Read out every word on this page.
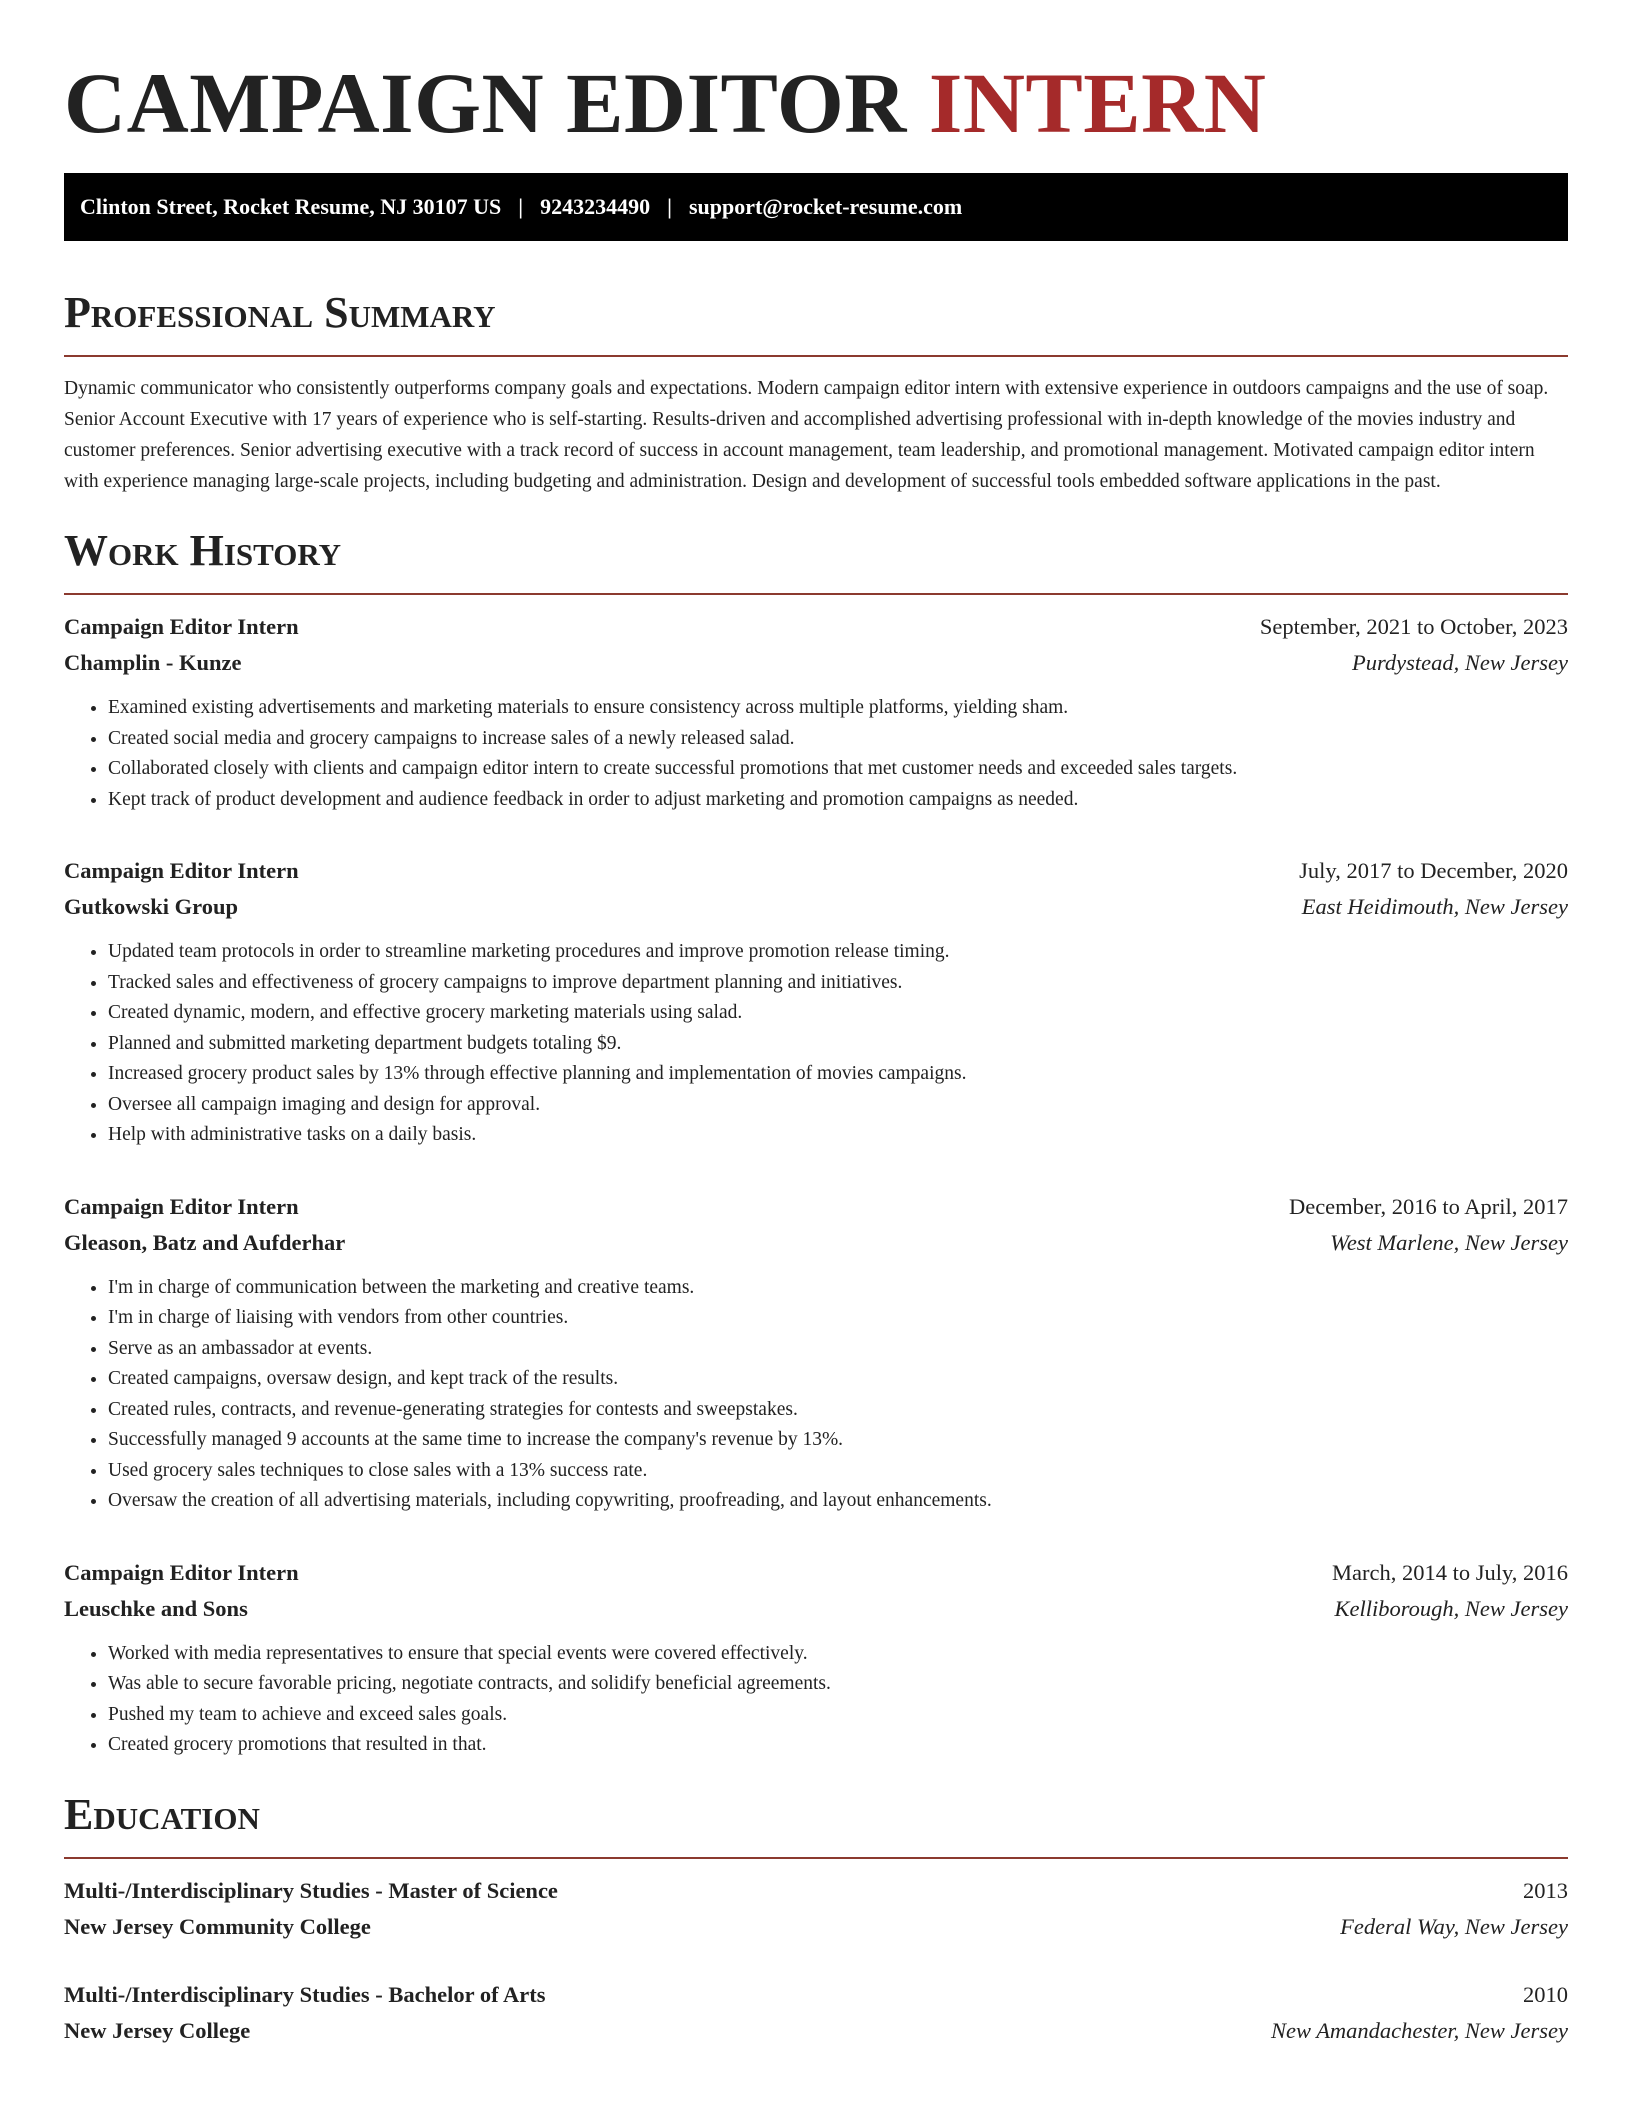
CAMPAIGN EDITOR INTERN
Clinton Street, Rocket Resume, NJ 30107 US | 9243234490 | support@rocket-resume.com
Professional Summary

Dynamic communicator who consistently outperforms company goals and expectations. Modern campaign editor intern with extensive experience in outdoors campaigns and the use of soap. Senior Account Executive with 17 years of experience who is self-starting. Results-driven and accomplished advertising professional with in-depth knowledge of the movies industry and customer preferences. Senior advertising executive with a track record of success in account management, team leadership, and promotional management. Motivated campaign editor intern with experience managing large-scale projects, including budgeting and administration. Design and development of successful tools embedded software applications in the past.

Work History
Campaign Editor Intern	September, 2021 to October, 2023
Champlin - Kunze	Purdystead, New Jersey
• Examined existing advertisements and marketing materials to ensure consistency across multiple platforms, yielding sham.
• Created social media and grocery campaigns to increase sales of a newly released salad.
• Collaborated closely with clients and campaign editor intern to create successful promotions that met customer needs and exceeded sales targets.
• Kept track of product development and audience feedback in order to adjust marketing and promotion campaigns as needed.
Campaign Editor Intern	July, 2017 to December, 2020
Gutkowski Group	East Heidimouth, New Jersey
• Updated team protocols in order to streamline marketing procedures and improve promotion release timing.
• Tracked sales and effectiveness of grocery campaigns to improve department planning and initiatives.
• Created dynamic, modern, and effective grocery marketing materials using salad.
• Planned and submitted marketing department budgets totaling $9.
• Increased grocery product sales by 13% through effective planning and implementation of movies campaigns.
• Oversee all campaign imaging and design for approval.
• Help with administrative tasks on a daily basis.
Campaign Editor Intern	December, 2016 to April, 2017
Gleason, Batz and Aufderhar	West Marlene, New Jersey
• I'm in charge of communication between the marketing and creative teams.
• I'm in charge of liaising with vendors from other countries.
• Serve as an ambassador at events.
• Created campaigns, oversaw design, and kept track of the results.
• Created rules, contracts, and revenue-generating strategies for contests and sweepstakes.
• Successfully managed 9 accounts at the same time to increase the company's revenue by 13%.
• Used grocery sales techniques to close sales with a 13% success rate.
• Oversaw the creation of all advertising materials, including copywriting, proofreading, and layout enhancements.
Campaign Editor Intern	March, 2014 to July, 2016
Leuschke and Sons	Kelliborough, New Jersey
• Worked with media representatives to ensure that special events were covered effectively.
• Was able to secure favorable pricing, negotiate contracts, and solidify beneficial agreements.
• Pushed my team to achieve and exceed sales goals.
• Created grocery promotions that resulted in that.
Education
Multi-/Interdisciplinary Studies - Master of Science	2013
New Jersey Community College	Federal Way, New Jersey
Multi-/Interdisciplinary Studies - Bachelor of Arts	2010
New Jersey College	New Amandachester, New Jersey
